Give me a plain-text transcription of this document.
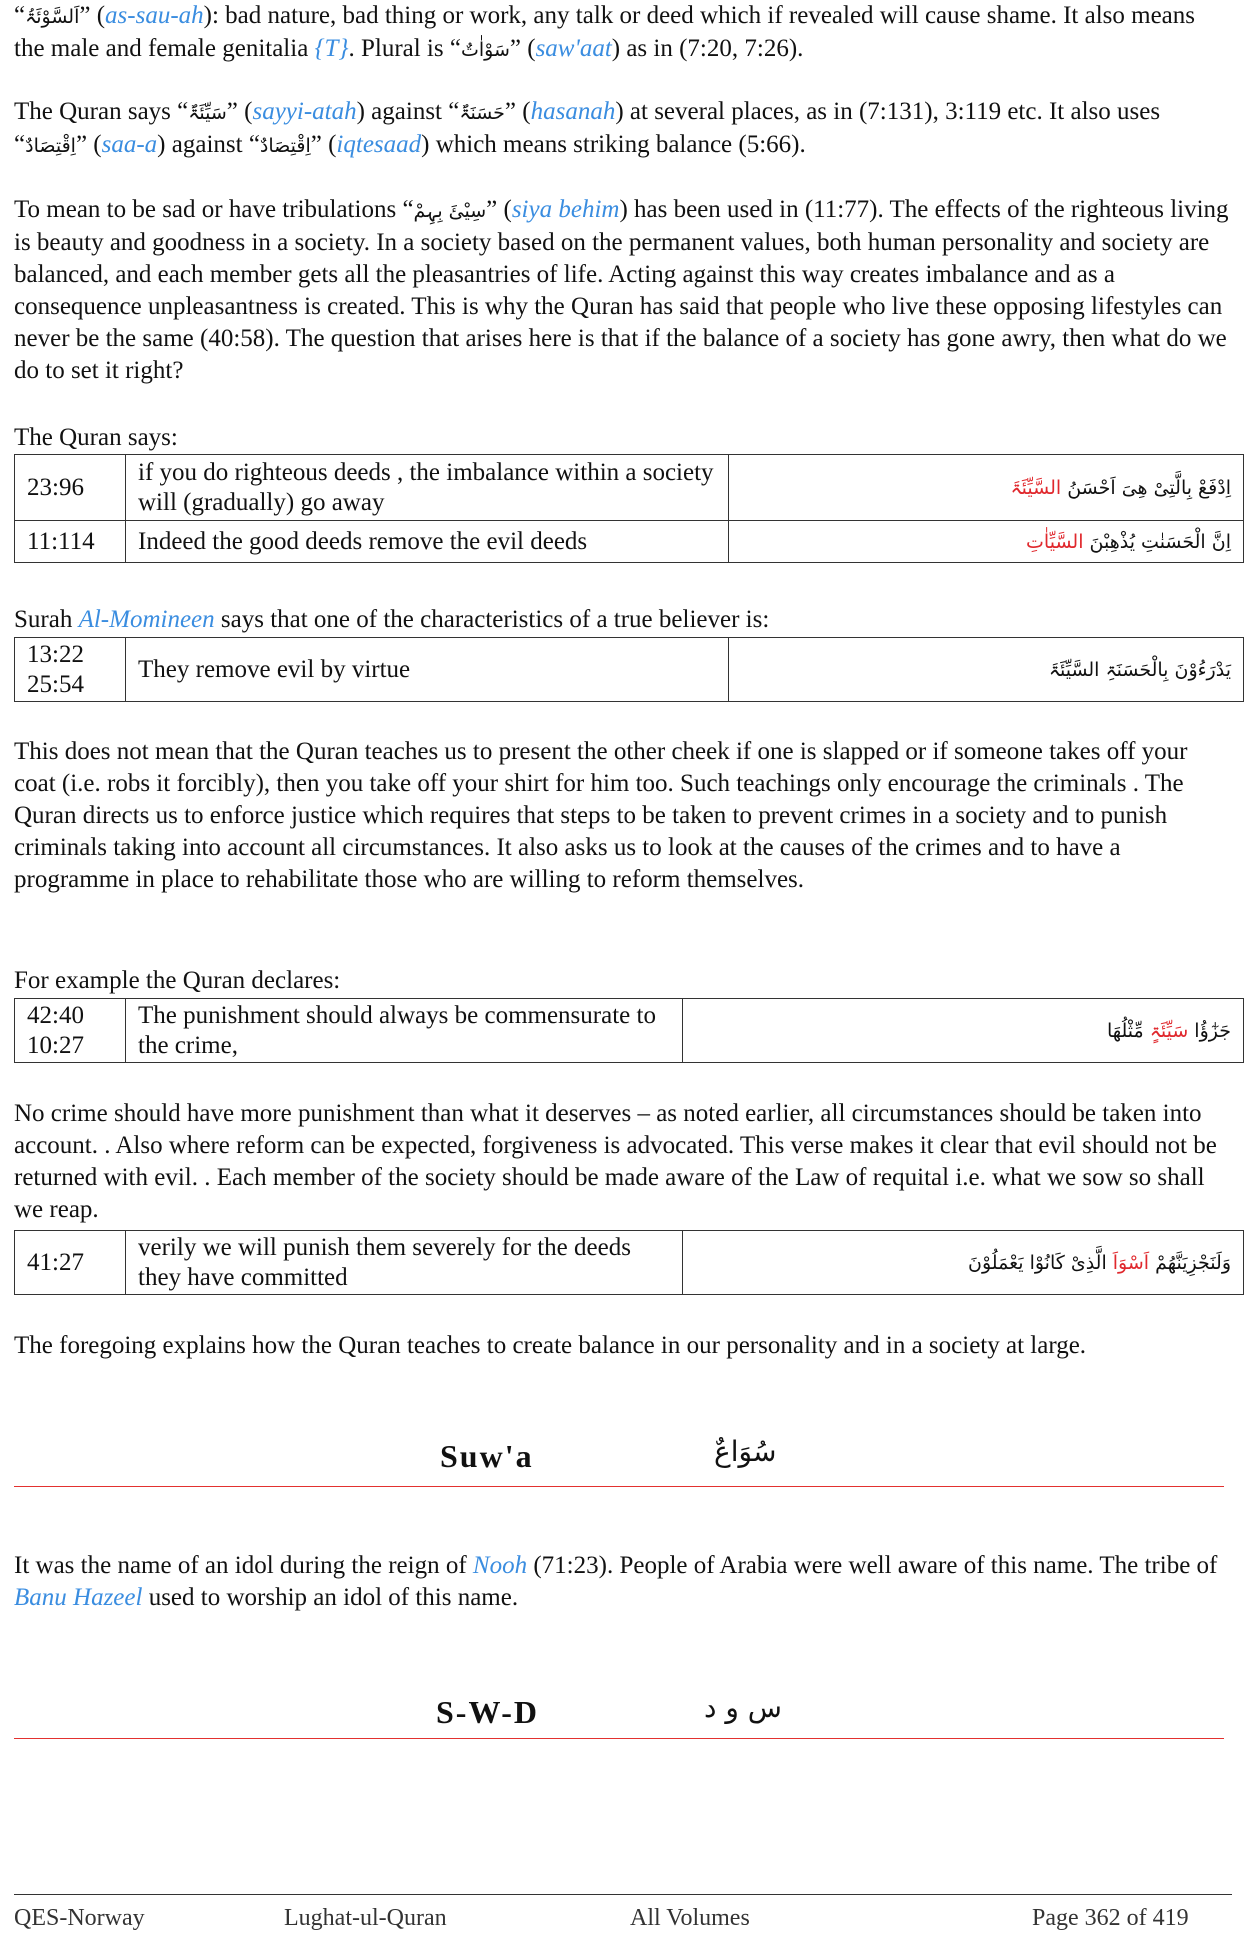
“اَلسَّوْئَۃُ” (as-sau-ah): bad nature, bad thing or work, any talk or deed which if revealed will cause shame. It also means the male and female genitalia {T}. Plural is “سَوْاٰتٌ” (saw'aat) as in (7:20, 7:26).

The Quran says “سَیِّئَۃٌ” (sayyi-atah) against “حَسَنَۃٌ” (hasanah) at several places, as in (7:131), 3:119 etc. It also uses “اِقْتِصَادٌ” (saa-a) against “اِقْتِصَادٌ” (iqtesaad) which means striking balance (5:66).

To mean to be sad or have tribulations “سِیْئَ بِہِمْ” (siya behim) has been used in (11:77). The effects of the righteous living is beauty and goodness in a society. In a society based on the permanent values, both human personality and society are balanced, and each member gets all the pleasantries of life. Acting against this way creates imbalance and as a consequence unpleasantness is created. This is why the Quran has said that people who live these opposing lifestyles can never be the same (40:58). The question that arises here is that if the balance of a society has gone awry, then what do we do to set it right?

The Quran says:

23:96	if you do righteous deeds , the imbalance within a society will (gradually) go away	اِدْفَعْ بِالَّتِیْ هِیَ اَحْسَنُ السَّیِّئَۃَ
11:114	Indeed the good deeds remove the evil deeds	اِنَّ الْحَسَنٰتِ یُذْهِبْنَ السَّیِّاٰتِ

Surah Al-Momineen says that one of the characteristics of a true believer is:

13:22
25:54	They remove evil by virtue	یَدْرَءُوْنَ بِالْحَسَنَۃِ السَّیِّئَۃَ

This does not mean that the Quran teaches us to present the other cheek if one is slapped or if someone takes off your coat (i.e. robs it forcibly), then you take off your shirt for him too. Such teachings only encourage the criminals . The Quran directs us to enforce justice which requires that steps to be taken to prevent crimes in a society and to punish criminals taking into account all circumstances. It also asks us to look at the causes of the crimes and to have a programme in place to rehabilitate those who are willing to reform themselves.

For example the Quran declares:

42:40
10:27	The punishment should always be commensurate to the crime,	جَزٰٓؤُا سَیِّئَۃٍ مِّثْلُهَا

No crime should have more punishment than what it deserves – as noted earlier, all circumstances should be taken into account. . Also where reform can be expected, forgiveness is advocated. This verse makes it clear that evil should not be returned with evil. . Each member of the society should be made aware of the Law of requital i.e. what we sow so shall we reap.

41:27	verily we will punish them severely for the deeds they have committed	وَلَنَجْزِیَنَّهُمْ اَسْوَاَ الَّذِیْ کَانُوْا یَعْمَلُوْنَ

The foregoing explains how the Quran teaches to create balance in our personality and in a society at large.

Suw'a	سُوَاعٌ

It was the name of an idol during the reign of Nooh (71:23). People of Arabia were well aware of this name. The tribe of Banu Hazeel used to worship an idol of this name.

S-W-D	س و د
QES-Norway	Lughat-ul-Quran	All Volumes	Page 362 of 419
